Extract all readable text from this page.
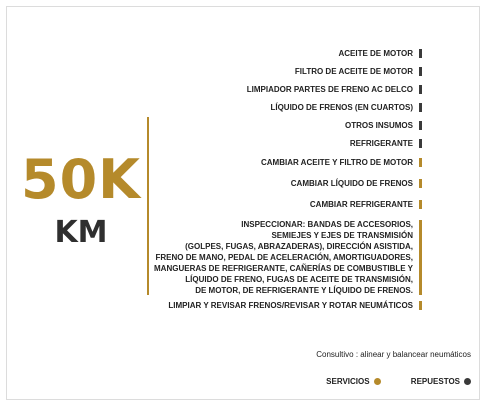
50K
KM
ACEITE DE MOTOR
FILTRO DE ACEITE DE MOTOR
LIMPIADOR PARTES DE FRENO AC DELCO
LÍQUIDO DE FRENOS (EN CUARTOS)
OTROS INSUMOS
REFRIGERANTE
CAMBIAR ACEITE Y FILTRO DE MOTOR
CAMBIAR LÍQUIDO DE FRENOS
CAMBIAR REFRIGERANTE
INSPECCIONAR: BANDAS DE ACCESORIOS,
SEMIEJES Y EJES DE TRANSMISIÓN
(GOLPES, FUGAS, ABRAZADERAS), DIRECCIÓN ASISTIDA,
FRENO DE MANO, PEDAL DE ACELERACIÓN, AMORTIGUADORES,
MANGUERAS DE REFRIGERANTE, CAÑERÍAS DE COMBUSTIBLE Y
LÍQUIDO DE FRENO, FUGAS DE ACEITE DE TRANSMISIÓN,
DE MOTOR, DE REFRIGERANTE Y LÍQUIDO DE FRENOS.
LIMPIAR Y REVISAR FRENOS/REVISAR Y ROTAR NEUMÁTICOS
Consultivo : alinear y balancear neumáticos
SERVICIOS
	REPUESTOS
